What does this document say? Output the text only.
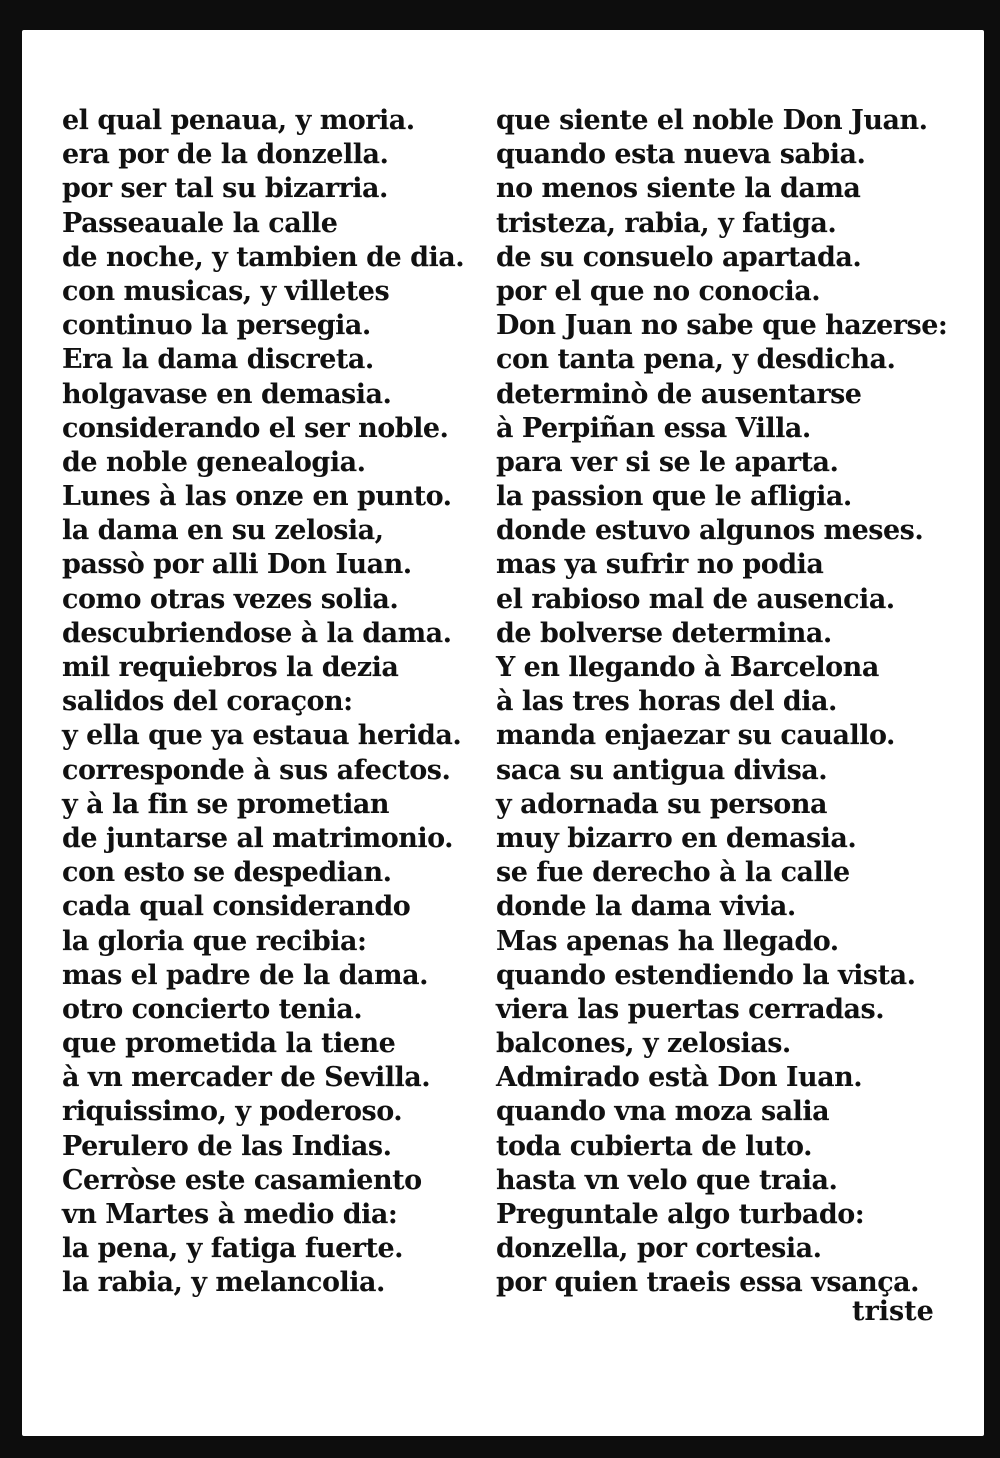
el qual penaua, y moria.
era por de la donzella.
por ser tal su bizarria.
Passeauale la calle
de noche, y tambien de dia.
con musicas, y villetes
continuo la persegia.
Era la dama discreta.
holgavase en demasia.
considerando el ser noble.
de noble genealogia.
Lunes à las onze en punto.
la dama en su zelosia,
passò por alli Don Iuan.
como otras vezes solia.
descubriendose à la dama.
mil requiebros la dezia
salidos del coraçon:
y ella que ya estaua herida.
corresponde à sus afectos.
y à la fin se prometian
de juntarse al matrimonio.
con esto se despedian.
cada qual considerando
la gloria que recibia:
mas el padre de la dama.
otro concierto tenia.
que prometida la tiene
à vn mercader de Sevilla.
riquissimo, y poderoso.
Perulero de las Indias.
Cerròse este casamiento
vn Martes à medio dia:
la pena, y fatiga fuerte.
la rabia, y melancolia.
que siente el noble Don Juan.
quando esta nueva sabia.
no menos siente la dama
tristeza, rabia, y fatiga.
de su consuelo apartada.
por el que no conocia.
Don Juan no sabe que hazerse:
con tanta pena, y desdicha.
determinò de ausentarse
à Perpiñan essa Villa.
para ver si se le aparta.
la passion que le afligia.
donde estuvo algunos meses.
mas ya sufrir no podia
el rabioso mal de ausencia.
de bolverse determina.
Y en llegando à Barcelona
à las tres horas del dia.
manda enjaezar su cauallo.
saca su antigua divisa.
y adornada su persona
muy bizarro en demasia.
se fue derecho à la calle
donde la dama vivia.
Mas apenas ha llegado.
quando estendiendo la vista.
viera las puertas cerradas.
balcones, y zelosias.
Admirado està Don Iuan.
quando vna moza salia
toda cubierta de luto.
hasta vn velo que traia.
Preguntale algo turbado:
donzella, por cortesia.
por quien traeis essa vsança.
triste
